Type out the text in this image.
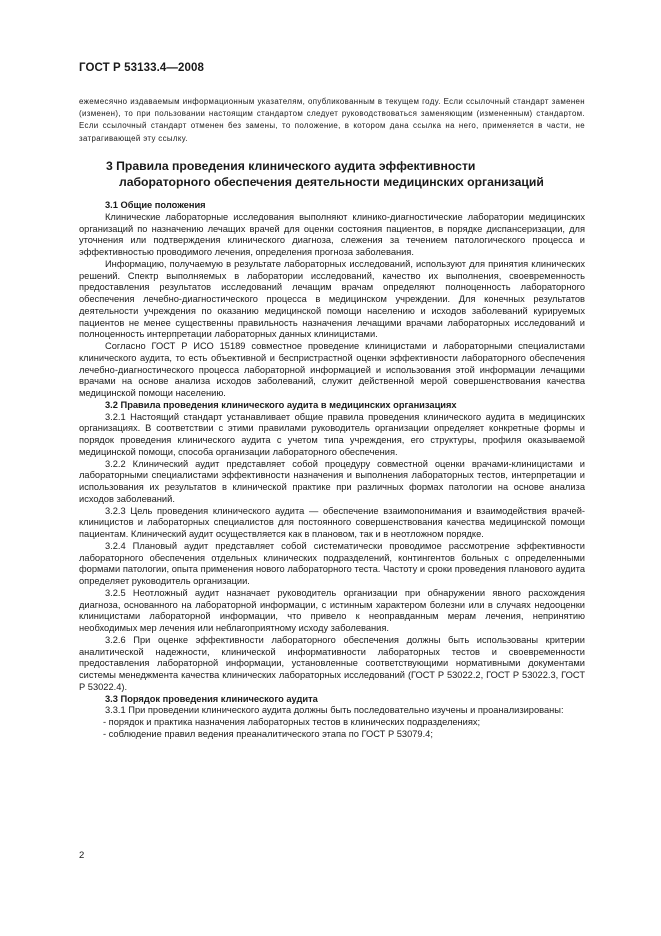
ГОСТ Р 53133.4—2008
ежемесячно издаваемым информационным указателям, опубликованным в текущем году. Если ссылочный стандарт заменен (изменен), то при пользовании настоящим стандартом следует руководствоваться заменяющим (измененным) стандартом. Если ссылочный стандарт отменен без замены, то положение, в котором дана ссылка на него, применяется в части, не затрагивающей эту ссылку.
3 Правила проведения клинического аудита эффективности
лабораторного обеспечения деятельности медицинских организаций

3.1 Общие положения

Клинические лабораторные исследования выполняют клинико-диагностические лаборатории медицинских организаций по назначению лечащих врачей для оценки состояния пациентов, в порядке диспансеризации, для уточнения или подтверждения клинического диагноза, слежения за течением патологического процесса и эффективностью проводимого лечения, определения прогноза заболевания.

Информацию, получаемую в результате лабораторных исследований, используют для принятия клинических решений. Спектр выполняемых в лаборатории исследований, качество их выполнения, своевременность предоставления результатов исследований лечащим врачам определяют полноценность лабораторного обеспечения лечебно-диагностического процесса в медицинском учреждении. Для конечных результатов деятельности учреждения по оказанию медицинской помощи населению и исходов заболеваний курируемых пациентов не менее существенны правильность назначения лечащими врачами лабораторных исследований и полноценность интерпретации лабораторных данных клиницистами.

Согласно ГОСТ Р ИСО 15189 совместное проведение клиницистами и лабораторными специалистами клинического аудита, то есть объективной и беспристрастной оценки эффективности лабораторного обеспечения лечебно-диагностического процесса лабораторной информацией и использования этой информации лечащими врачами на основе анализа исходов заболеваний, служит действенной мерой совершенствования качества медицинской помощи населению.

3.2 Правила проведения клинического аудита в медицинских организациях

3.2.1 Настоящий стандарт устанавливает общие правила проведения клинического аудита в медицинских организациях. В соответствии с этими правилами руководитель организации определяет конкретные формы и порядок проведения клинического аудита с учетом типа учреждения, его структуры, профиля оказываемой медицинской помощи, способа организации лабораторного обеспечения.

3.2.2 Клинический аудит представляет собой процедуру совместной оценки врачами-клиницистами и лабораторными специалистами эффективности назначения и выполнения лабораторных тестов, интерпретации и использования их результатов в клинической практике при различных формах патологии на основе анализа исходов заболеваний.

3.2.3 Цель проведения клинического аудита — обеспечение взаимопонимания и взаимодействия врачей-клиницистов и лабораторных специалистов для постоянного совершенствования качества медицинской помощи пациентам. Клинический аудит осуществляется как в плановом, так и в неотложном порядке.

3.2.4 Плановый аудит представляет собой систематически проводимое рассмотрение эффективности лабораторного обеспечения отдельных клинических подразделений, контингентов больных с определенными формами патологии, опыта применения нового лабораторного теста. Частоту и сроки проведения планового аудита определяет руководитель организации.

3.2.5 Неотложный аудит назначает руководитель организации при обнаружении явного расхождения диагноза, основанного на лабораторной информации, с истинным характером болезни или в случаях недооценки клиницистами лабораторной информации, что привело к неоправданным мерам лечения, непринятию необходимых мер лечения или неблагоприятному исходу заболевания.

3.2.6 При оценке эффективности лабораторного обеспечения должны быть использованы критерии аналитической надежности, клинической информативности лабораторных тестов и своевременности предоставления лабораторной информации, установленные соответствующими нормативными документами системы менеджмента качества клинических лабораторных исследований (ГОСТ Р 53022.2, ГОСТ Р 53022.3, ГОСТ Р 53022.4).

3.3 Порядок проведения клинического аудита

3.3.1 При проведении клинического аудита должны быть последовательно изучены и проанализированы:

- порядок и практика назначения лабораторных тестов в клинических подразделениях;

- соблюдение правил ведения преаналитического этапа по ГОСТ Р 53079.4;

2
